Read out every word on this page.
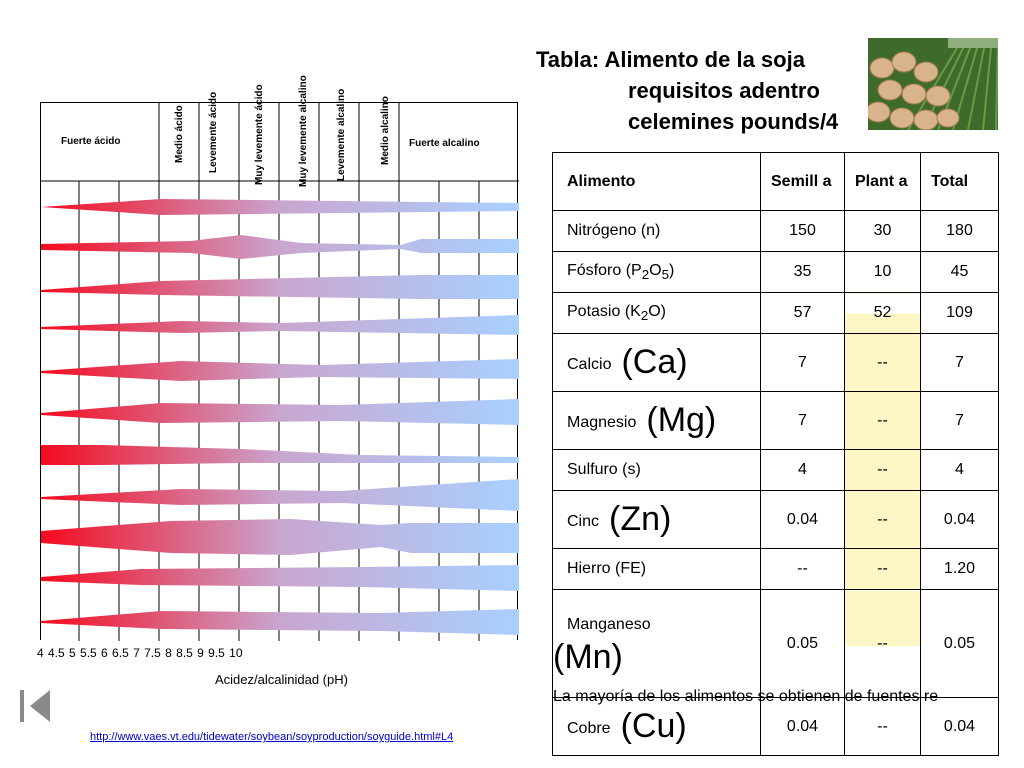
Tabla: Alimento de la soja
requisitos adentro
celemines pounds/4
Fuerte ácido	Medio ácido Levemente ácido	Muy levemente ácido	Muy levemente alcalino	Levemente alcalino	Medio alcalino Fuerte alcalino
4 4.5 5 5.5 6 6.5 7 7.5 8 8.5 9 9.5 10
Acidez/alcalinidad (pH)
Alimento	Semill a	Plant a	Total
Nitrógeno (n)	150	30	180
Fósforo $(P_2O_5)$	35	10	45
Potasio $(K_2O)$	57	52	109
Calcio (Ca)	7	--	7
Magnesio (Mg)	7	--	7
Sulfuro (s)	4	--	4
Cinc (Zn)	0.04	--	0.04
Hierro (FE)	--	--	1.20
Manganeso
(Mn)	0.05	--	0.05
Cobre (Cu)	0.04	--	0.04
La mayoría de los alimentos se obtienen de fuentes re
http://www.vaes.vt.edu/tidewater/soybean/soyproduction/soyguide.html#L4
